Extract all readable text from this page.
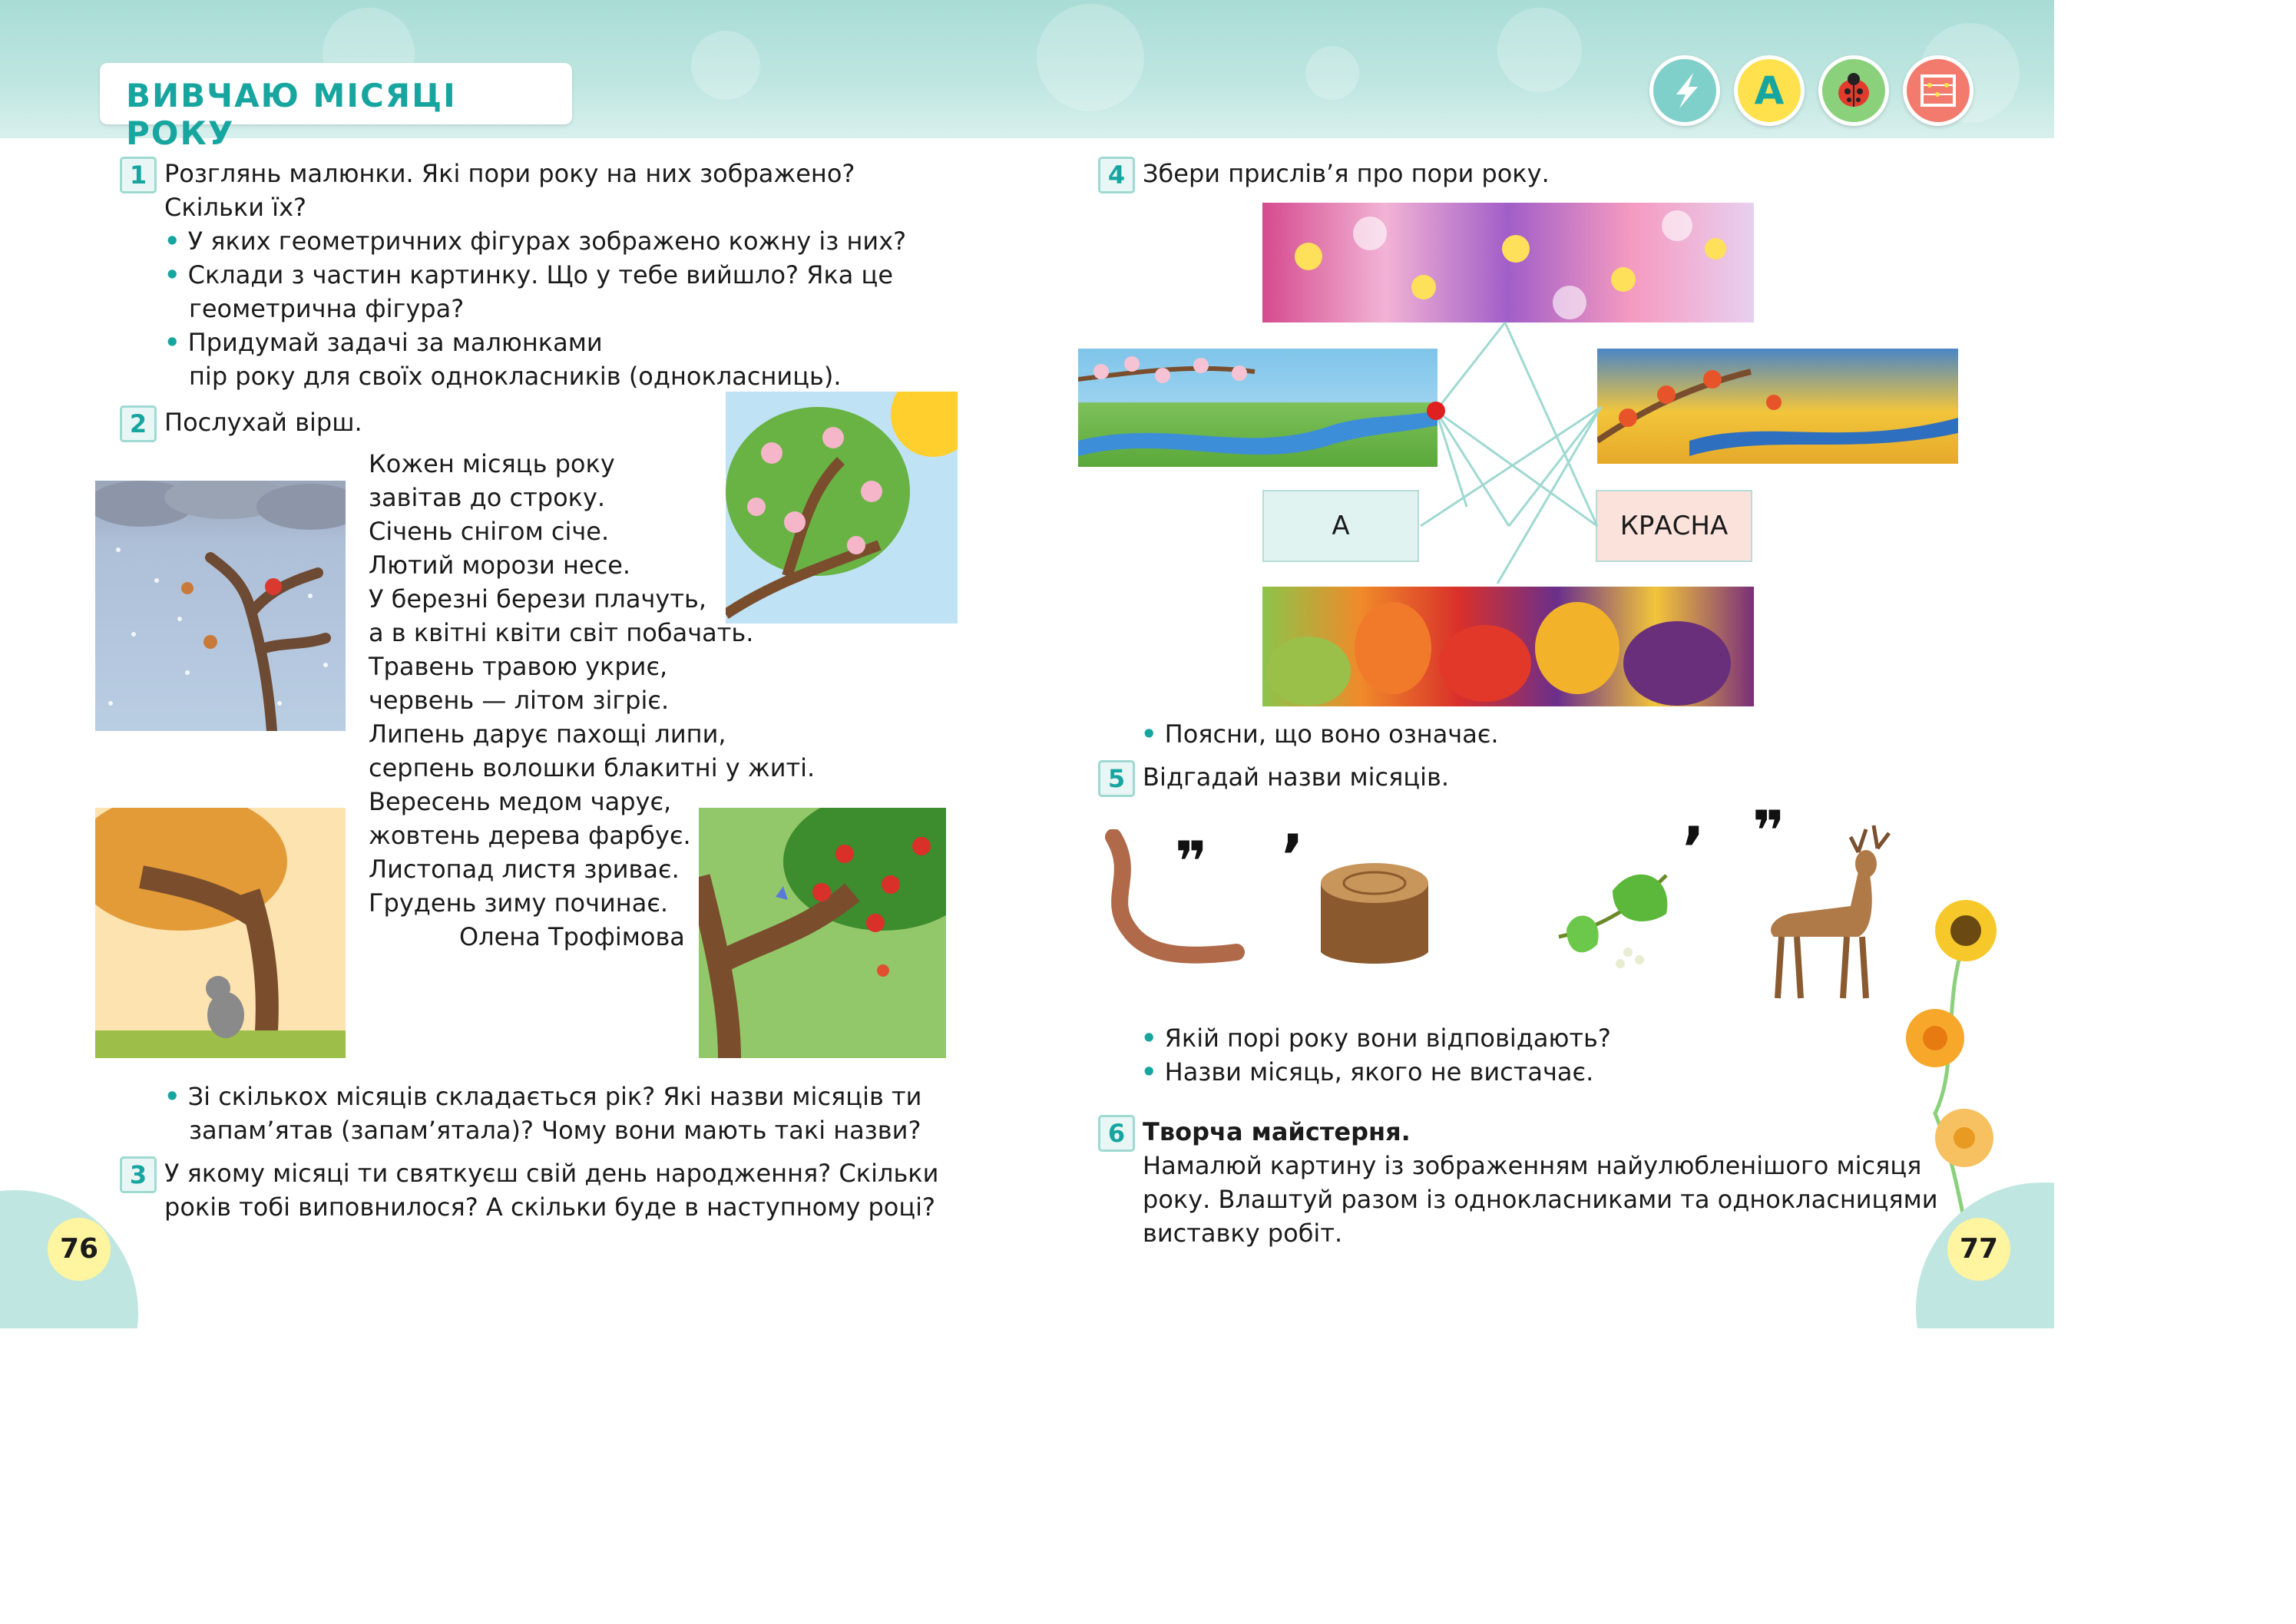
ВИВЧАЮ МІСЯЦІ РОКУ
А
1 Розглянь малюнки. Які пори року на них зображено?
Скільки їх?
• У яких геометричних фігурах зображено кожну із них?
• Склади з частин картинку. Що у тебе вийшло? Яка це
геометрична фігура?
• Придумай задачі за малюнками
пір року для своїх однокласників (однокласниць).
2 Послухай вірш.
Кожен місяць року
завітав до строку.
Січень снігом січе.
Лютий морози несе.
У березні берези плачуть,
а в квітні квіти світ побачать.
Травень травою укриє,
червень — літом зігріє.
Липень дарує пахощі липи,
серпень волошки блакитні у житі.
Вересень медом чарує,
жовтень дерева фарбує.
Листопад листя зриває.
Грудень зиму починає.
Олена Трофімова
• Зі скількох місяців складається рік? Які назви місяців ти
запам’ятав (запам’ятала)? Чому вони мають такі назви?
3 У якому місяці ти святкуєш свій день народження? Скільки
років тобі виповнилося? А скільки буде в наступному році?
76
4 Збери прислів’я про пори року.
А	КРАСНА
• Поясни, що воно означає.
5 Відгадай назви місяців.
❞ ’	’ ❞
• Якій порі року вони відповідають?
• Назви місяць, якого не вистачає.
6 Творча майстерня.
Намалюй картину із зображенням найулюбленішого місяця
року. Влаштуй разом із однокласниками та однокласницями
виставку робіт.	77
